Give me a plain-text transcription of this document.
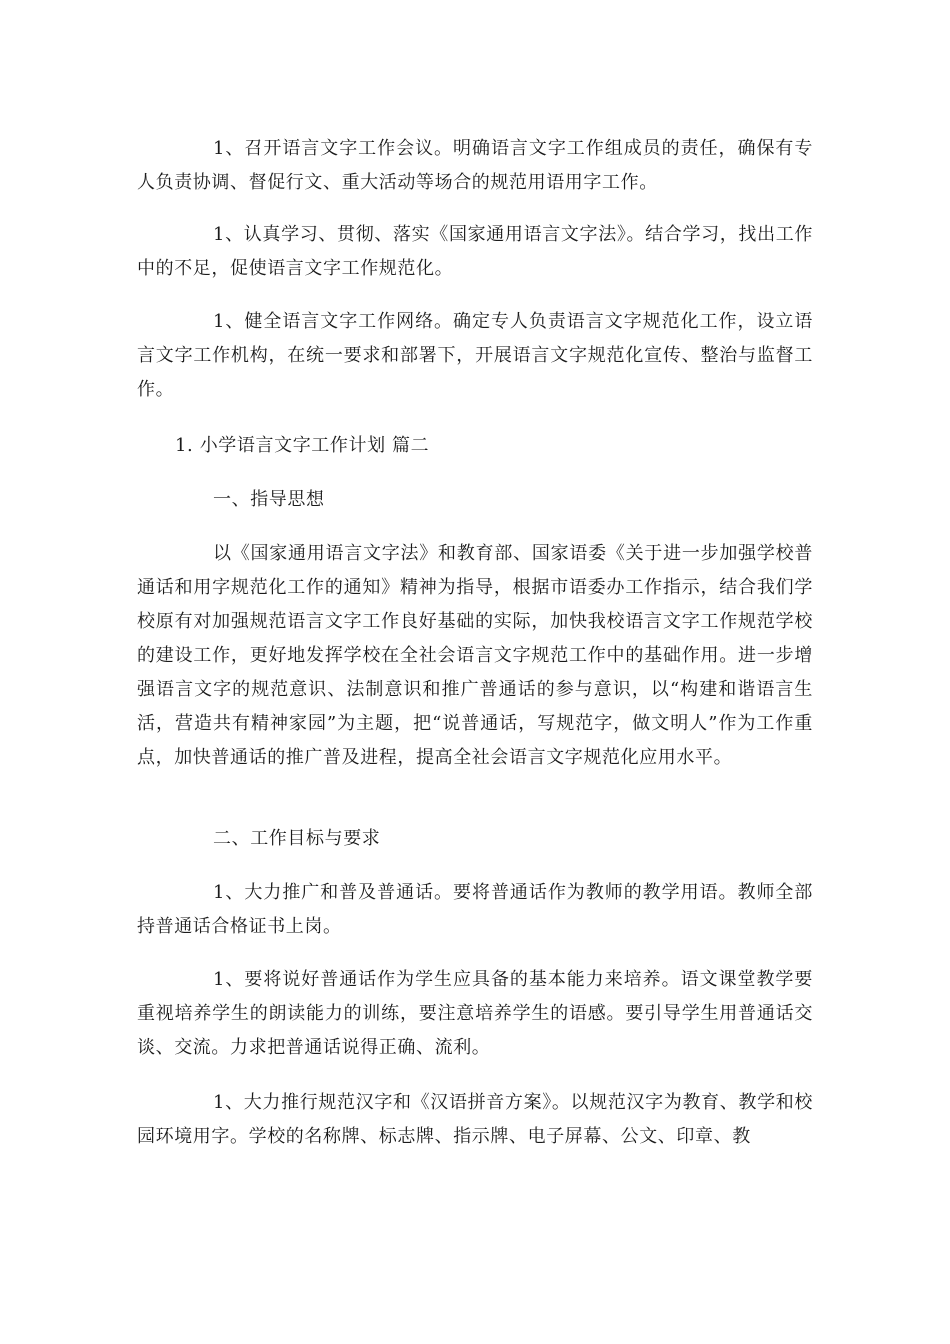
1、召开语言文字工作会议。明确语言文字工作组成员的责任，确保有专人负责协调、督促行文、重大活动等场合的规范用语用字工作。

1、认真学习、贯彻、落实《国家通用语言文字法》。结合学习，找出工作中的不足，促使语言文字工作规范化。

1、健全语言文字工作网络。确定专人负责语言文字规范化工作，设立语言文字工作机构，在统一要求和部署下，开展语言文字规范化宣传、整治与监督工作。

1. 小学语言文字工作计划 篇二

一、指导思想

以《国家通用语言文字法》和教育部、国家语委《关于进一步加强学校普通话和用字规范化工作的通知》精神为指导，根据市语委办工作指示，结合我们学校原有对加强规范语言文字工作良好基础的实际，加快我校语言文字工作规范学校的建设工作，更好地发挥学校在全社会语言文字规范工作中的基础作用。进一步增强语言文字的规范意识、法制意识和推广普通话的参与意识，以“构建和谐语言生活，营造共有精神家园”为主题，把“说普通话，写规范字，做文明人”作为工作重点，加快普通话的推广普及进程，提高全社会语言文字规范化应用水平。

二、工作目标与要求

1、大力推广和普及普通话。要将普通话作为教师的教学用语。教师全部持普通话合格证书上岗。

1、要将说好普通话作为学生应具备的基本能力来培养。语文课堂教学要重视培养学生的朗读能力的训练，要注意培养学生的语感。要引导学生用普通话交谈、交流。力求把普通话说得正确、流利。

1、大力推行规范汉字和《汉语拼音方案》。以规范汉字为教育、教学和校园环境用字。学校的名称牌、标志牌、指示牌、电子屏幕、公文、印章、教
